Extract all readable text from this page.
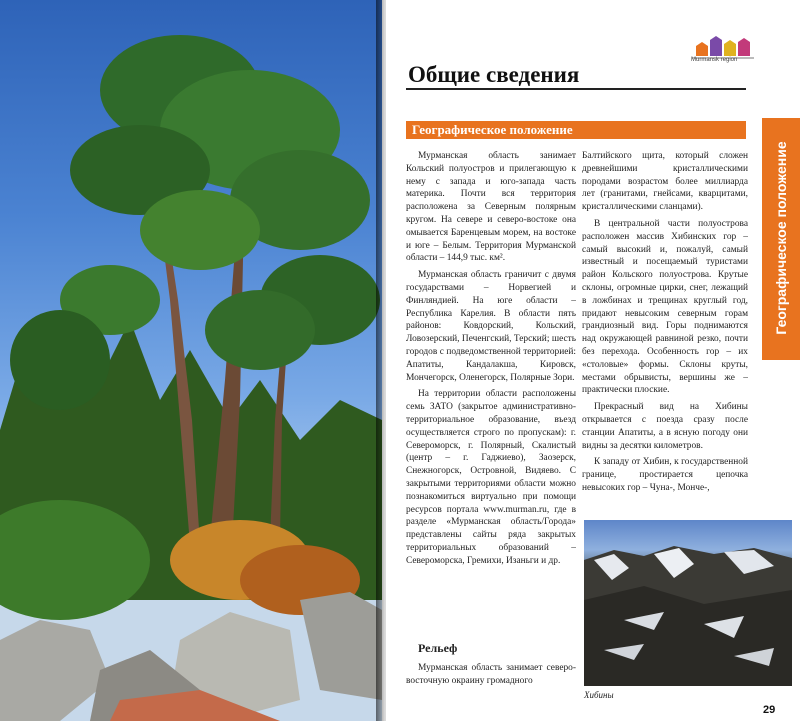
Murmansk region
Общие сведения
Географическое положение
Географическое положение

Мурманская область занимает Кольский полуостров и прилегающую к нему с запада и юго-запада часть материка. Почти вся территория расположена за Северным полярным кругом. На севере и северо-востоке она омывается Баренцевым морем, на востоке и юге – Белым. Территория Мурманской области – 144,9 тыс. км².

Мурманская область граничит с двумя государствами – Норвегией и Финляндией. На юге области – Республика Карелия. В области пять районов: Ковдорский, Кольский, Ловозерский, Печенгский, Терский; шесть городов с подведомственной территорией: Апатиты, Кандалакша, Кировск, Мончегорск, Оленегорск, Полярные Зори.

На территории области расположены семь ЗАТО (закрытое административно-территориальное образование, въезд осуществляется строго по пропускам): г. Североморск, г. Полярный, Скалистый (центр – г. Гаджиево), Заозерск, Снежногорск, Островной, Видяево. С закрытыми территориями области можно познакомиться виртуально при помощи ресурсов портала www.murman.ru, где в разделе «Мурманская область/Города» представлены сайты ряда закрытых территориальных образований – Североморска, Гремихи, Изаньги и др.

Рельеф

Мурманская область занимает северо-восточную окраину громадного

Балтийского щита, который сложен древнейшими кристаллическими породами возрастом более миллиарда лет (гранитами, гнейсами, кварцитами, кристаллическими сланцами).

В центральной части полуострова расположен массив Хибинских гор – самый высокий и, пожалуй, самый известный и посещаемый туристами район Кольского полуострова. Крутые склоны, огромные цирки, снег, лежащий в ложбинах и трещинах круглый год, придают невысоким северным горам грандиозный вид. Горы поднимаются над окружающей равниной резко, почти без перехода. Особенность гор – их «столовые» формы. Склоны круты, местами обрывисты, вершины же – практически плоские.

Прекрасный вид на Хибины открывается с поезда сразу после станции Апатиты, а в ясную погоду они видны за десятки километров.

К западу от Хибин, к государственной границе, простирается цепочка невысоких гор – Чуна-, Монче-,

Хибины
29
